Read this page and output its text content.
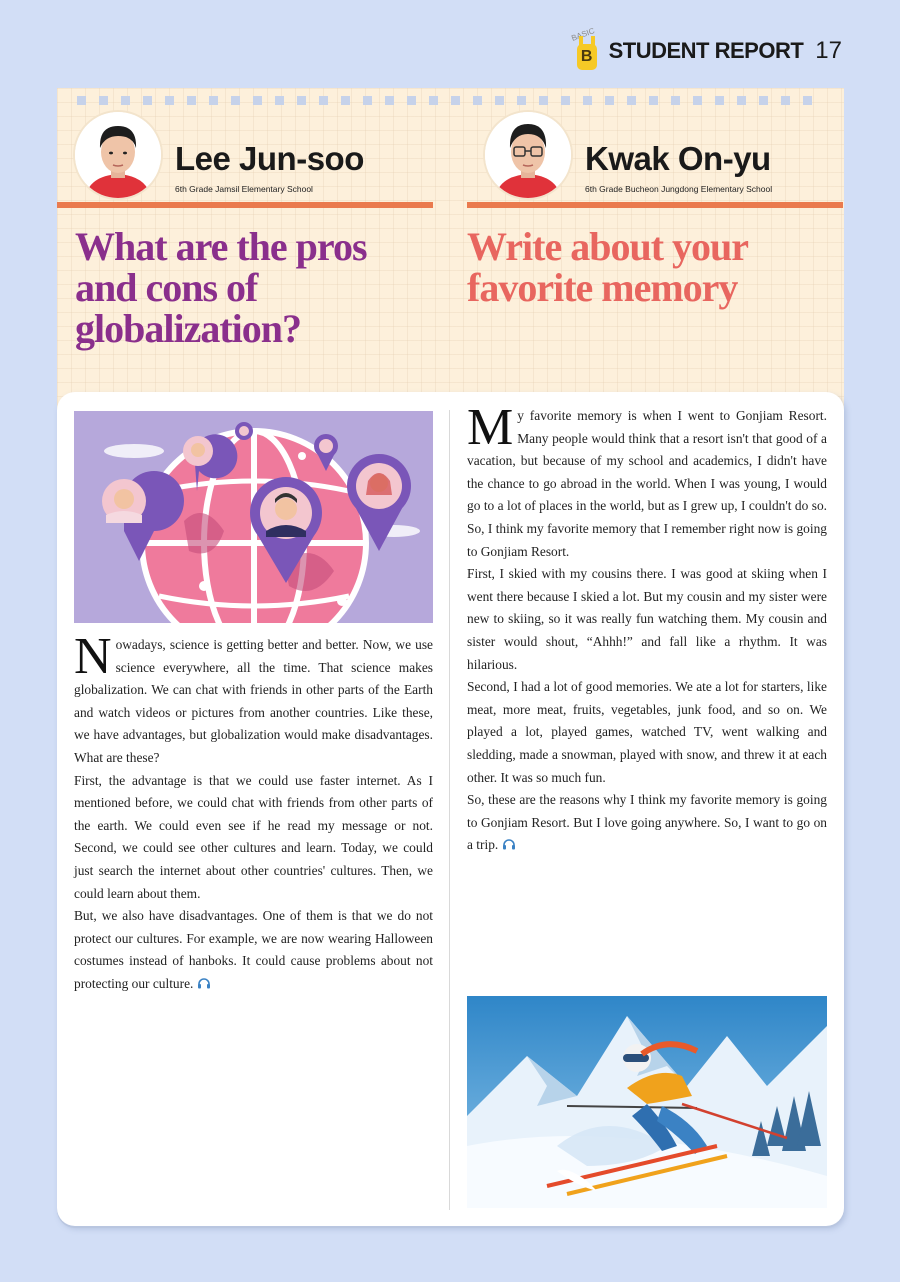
BASIC
B STUDENT REPORT 17
Lee Jun-soo
6th Grade Jamsil Elementary School
Kwak On-yu
6th Grade Bucheon Jungdong Elementary School
What are the pros and cons of globalization?
Write about your favorite memory

Nowadays, science is getting better and better. Now, we use science everywhere, all the time. That science makes globalization. We can chat with friends in other parts of the Earth and watch videos or pictures from another countries. Like these, we have advantages, but globalization would make disadvantages. What are these?

First, the advantage is that we could use faster internet. As I mentioned before, we could chat with friends from other parts of the earth. We could even see if he read my message or not. Second, we could see other cultures and learn. Today, we could just search the internet about other countries' cultures. Then, we could learn about them.

But, we also have disadvantages. One of them is that we do not protect our cultures. For example, we are now wearing Halloween costumes instead of hanboks. It could cause problems about not protecting our culture.

My favorite memory is when I went to Gonjiam Resort. Many people would think that a resort isn't that good of a vacation, but because of my school and academics, I didn't have the chance to go abroad in the world. When I was young, I would go to a lot of places in the world, but as I grew up, I couldn't do so. So, I think my favorite memory that I remember right now is going to Gonjiam Resort.

First, I skied with my cousins there. I was good at skiing when I went there because I skied a lot. But my cousin and my sister were new to skiing, so it was really fun watching them. My cousin and sister would shout, “Ahhh!” and fall like a rhythm. It was hilarious.

Second, I had a lot of good memories. We ate a lot for starters, like meat, more meat, fruits, vegetables, junk food, and so on. We played a lot, played games, watched TV, went walking and sledding, made a snowman, played with snow, and threw it at each other. It was so much fun.

So, these are the reasons why I think my favorite memory is going to Gonjiam Resort. But I love going anywhere. So, I want to go on a trip.
